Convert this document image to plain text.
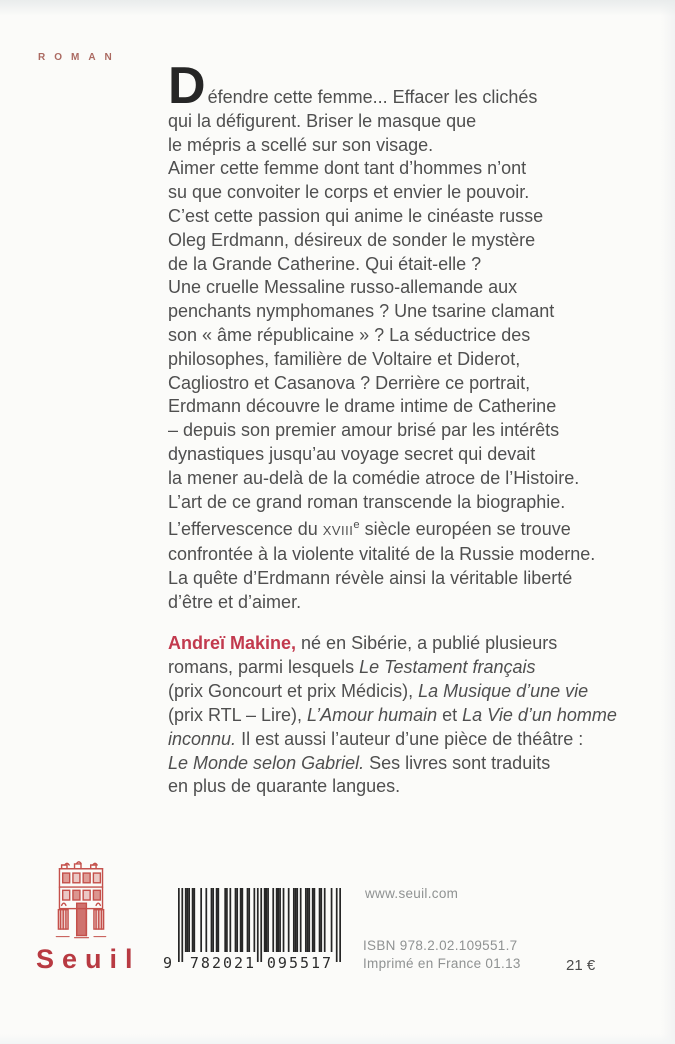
ROMAN Défendre cette femme... Effacer les clichés
qui la défigurent. Briser le masque que
le mépris a scellé sur son visage.
Aimer cette femme dont tant d’hommes n’ont
su que convoiter le corps et envier le pouvoir.
C’est cette passion qui anime le cinéaste russe
Oleg Erdmann, désireux de sonder le mystère
de la Grande Catherine. Qui était-elle ?
Une cruelle Messaline russo-allemande aux
penchants nymphomanes ? Une tsarine clamant
son « âme républicaine » ? La séductrice des
philosophes, familière de Voltaire et Diderot,
Cagliostro et Casanova ? Derrière ce portrait,
Erdmann découvre le drame intime de Catherine
– depuis son premier amour brisé par les intérêts
dynastiques jusqu’au voyage secret qui devait
la mener au-delà de la comédie atroce de l’Histoire.
L’art de ce grand roman transcende la biographie.
L’effervescence du XVIIIe siècle européen se trouve
confrontée à la violente vitalité de la Russie moderne.
La quête d’Erdmann révèle ainsi la véritable liberté
d’être et d’aimer.
Andreï Makine, né en Sibérie, a publié plusieurs
romans, parmi lesquels Le Testament français
(prix Goncourt et prix Médicis), La Musique d’une vie
(prix RTL – Lire), L’Amour humain et La Vie d’un homme
inconnu. Il est aussi l’auteur d’une pièce de théâtre :
Le Monde selon Gabriel. Ses livres sont traduits
en plus de quarante langues.
Seuil 9 782021 095517
www.seuil.com
ISBN 978.2.02.109551.7
Imprimé en France 01.13	21 €
